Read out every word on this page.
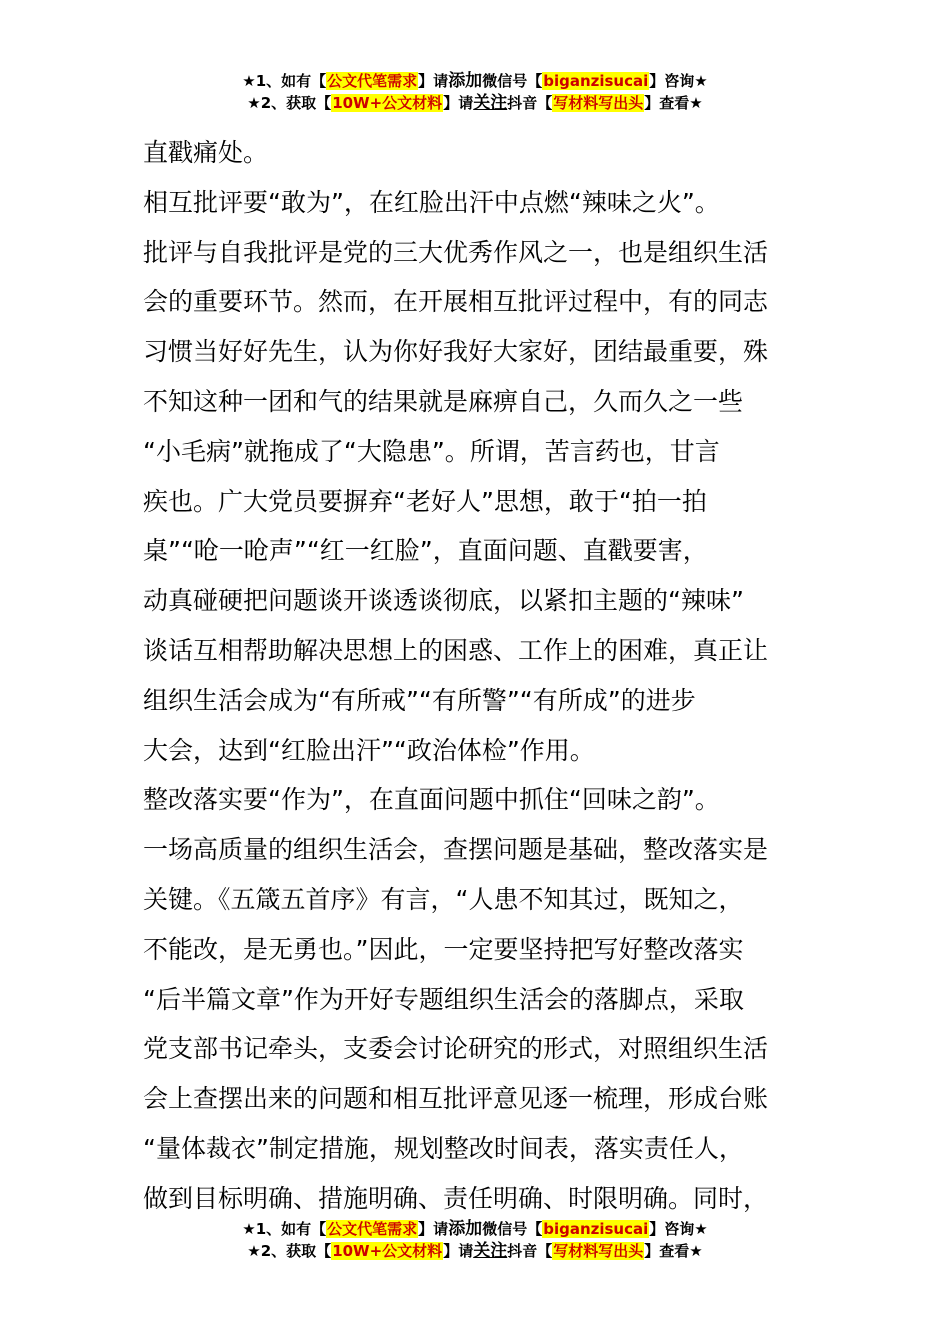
★1、如有【公文代笔需求】请添加微信号【biganzisucai】咨询★
★2、获取【10W+公文材料】请关注抖音【写材料写出头】查看★
直戳痛处。
相互批评要“敢为”，在红脸出汗中点燃“辣味之火”。
批评与自我批评是党的三大优秀作风之一，也是组织生活
会的重要环节。然而，在开展相互批评过程中，有的同志
习惯当好好先生，认为你好我好大家好，团结最重要，殊
不知这种一团和气的结果就是麻痹自己，久而久之一些
“小毛病”就拖成了“大隐患”。所谓，苦言药也，甘言
疾也。广大党员要摒弃“老好人”思想，敢于“拍一拍
桌”“呛一呛声”“红一红脸”，直面问题、直戳要害，
动真碰硬把问题谈开谈透谈彻底，以紧扣主题的“辣味”
谈话互相帮助解决思想上的困惑、工作上的困难，真正让
组织生活会成为“有所戒”“有所警”“有所成”的进步
大会，达到“红脸出汗”“政治体检”作用。
整改落实要“作为”，在直面问题中抓住“回味之韵”。
一场高质量的组织生活会，查摆问题是基础，整改落实是
关键。《五箴五首序》有言，“人患不知其过，既知之，
不能改，是无勇也。”因此，一定要坚持把写好整改落实
“后半篇文章”作为开好专题组织生活会的落脚点，采取
党支部书记牵头，支委会讨论研究的形式，对照组织生活
会上查摆出来的问题和相互批评意见逐一梳理，形成台账
“量体裁衣”制定措施，规划整改时间表，落实责任人，
做到目标明确、措施明确、责任明确、时限明确。同时，
★1、如有【公文代笔需求】请添加微信号【biganzisucai】咨询★
★2、获取【10W+公文材料】请关注抖音【写材料写出头】查看★
